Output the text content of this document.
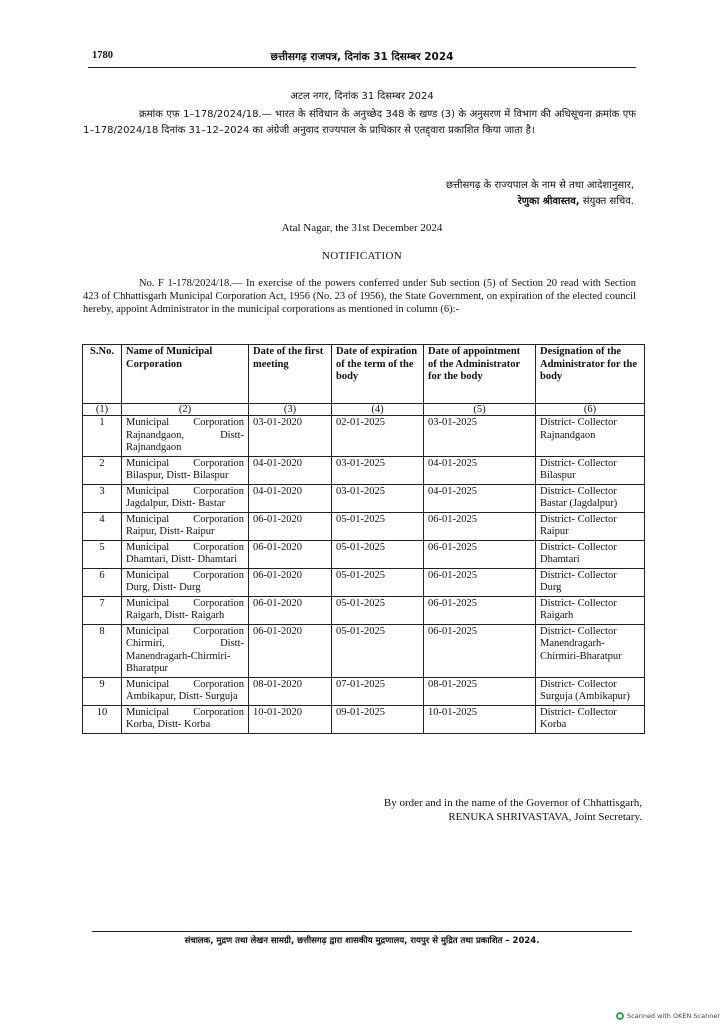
1780	छत्तीसगढ़ राजपत्र, दिनांक 31 दिसम्बर 2024
अटल नगर, दिनांक 31 दिसम्बर 2024
क्रमांक एफ 1–178/2024/18.— भारत के संविधान के अनुच्छेद 348 के खण्ड (3) के अनुसरण में विभाग की अधिसूचना क्रमांक एफ 1–178/2024/18 दिनांक 31–12–2024 का अंग्रेजी अनुवाद राज्यपाल के प्राधिकार से एतद्द्वारा प्रकाशित किया जाता है।
छत्तीसगढ़ के राज्यपाल के नाम से तथा आदेशानुसार,
रेणुका श्रीवास्तव, संयुक्त सचिव.
Atal Nagar, the 31st December 2024
NOTIFICATION
No. F 1-178/2024/18.— In exercise of the powers conferred under Sub section (5) of Section 20 read with Section 423 of Chhattisgarh Municipal Corporation Act, 1956 (No. 23 of 1956), the State Government, on expiration of the elected council hereby, appoint Administrator in the municipal corporations as mentioned in column (6):-
S.No.	Name of Municipal Corporation	Date of the first meeting	Date of expiration of the term of the body	Date of appointment of the Administrator for the body	Designation of the Administrator for the body
(1)	(2)	(3)	(4)	(5)	(6)
1	Municipal Corporation Rajnandgaon, Distt- Rajnandgaon	03-01-2020	02-01-2025	03-01-2025	District- Collector Rajnandgaon
2	Municipal Corporation Bilaspur, Distt- Bilaspur	04-01-2020	03-01-2025	04-01-2025	District- Collector Bilaspur
3	Municipal Corporation Jagdalpur, Distt- Bastar	04-01-2020	03-01-2025	04-01-2025	District- Collector Bastar (Jagdalpur)
4	Municipal Corporation Raipur, Distt- Raipur	06-01-2020	05-01-2025	06-01-2025	District- Collector Raipur
5	Municipal Corporation Dhamtari, Distt- Dhamtari	06-01-2020	05-01-2025	06-01-2025	District- Collector Dhamtari
6	Municipal Corporation Durg, Distt- Durg	06-01-2020	05-01-2025	06-01-2025	District- Collector Durg
7	Municipal Corporation Raigarh, Distt- Raigarh	06-01-2020	05-01-2025	06-01-2025	District- Collector Raigarh
8	Municipal Corporation Chirmiri, Distt- Manendragarh-Chirmiri- Bharatpur	06-01-2020	05-01-2025	06-01-2025	District- Collector Manendragarh-Chirmiri-Bharatpur
9	Municipal Corporation Ambikapur, Distt- Surguja	08-01-2020	07-01-2025	08-01-2025	District- Collector Surguja (Ambikapur)
10	Municipal Corporation Korba, Distt- Korba	10-01-2020	09-01-2025	10-01-2025	District- Collector Korba
By order and in the name of the Governor of Chhattisgarh,
RENUKA SHRIVASTAVA, Joint Secretary.
संचालक, मुद्रण तथा लेखन सामग्री, छत्तीसगढ़ द्वारा शासकीय मुद्रणालय, रायपुर से मुद्रित तथा प्रकाशित – 2024.
Scanned with OKEN Scanner
